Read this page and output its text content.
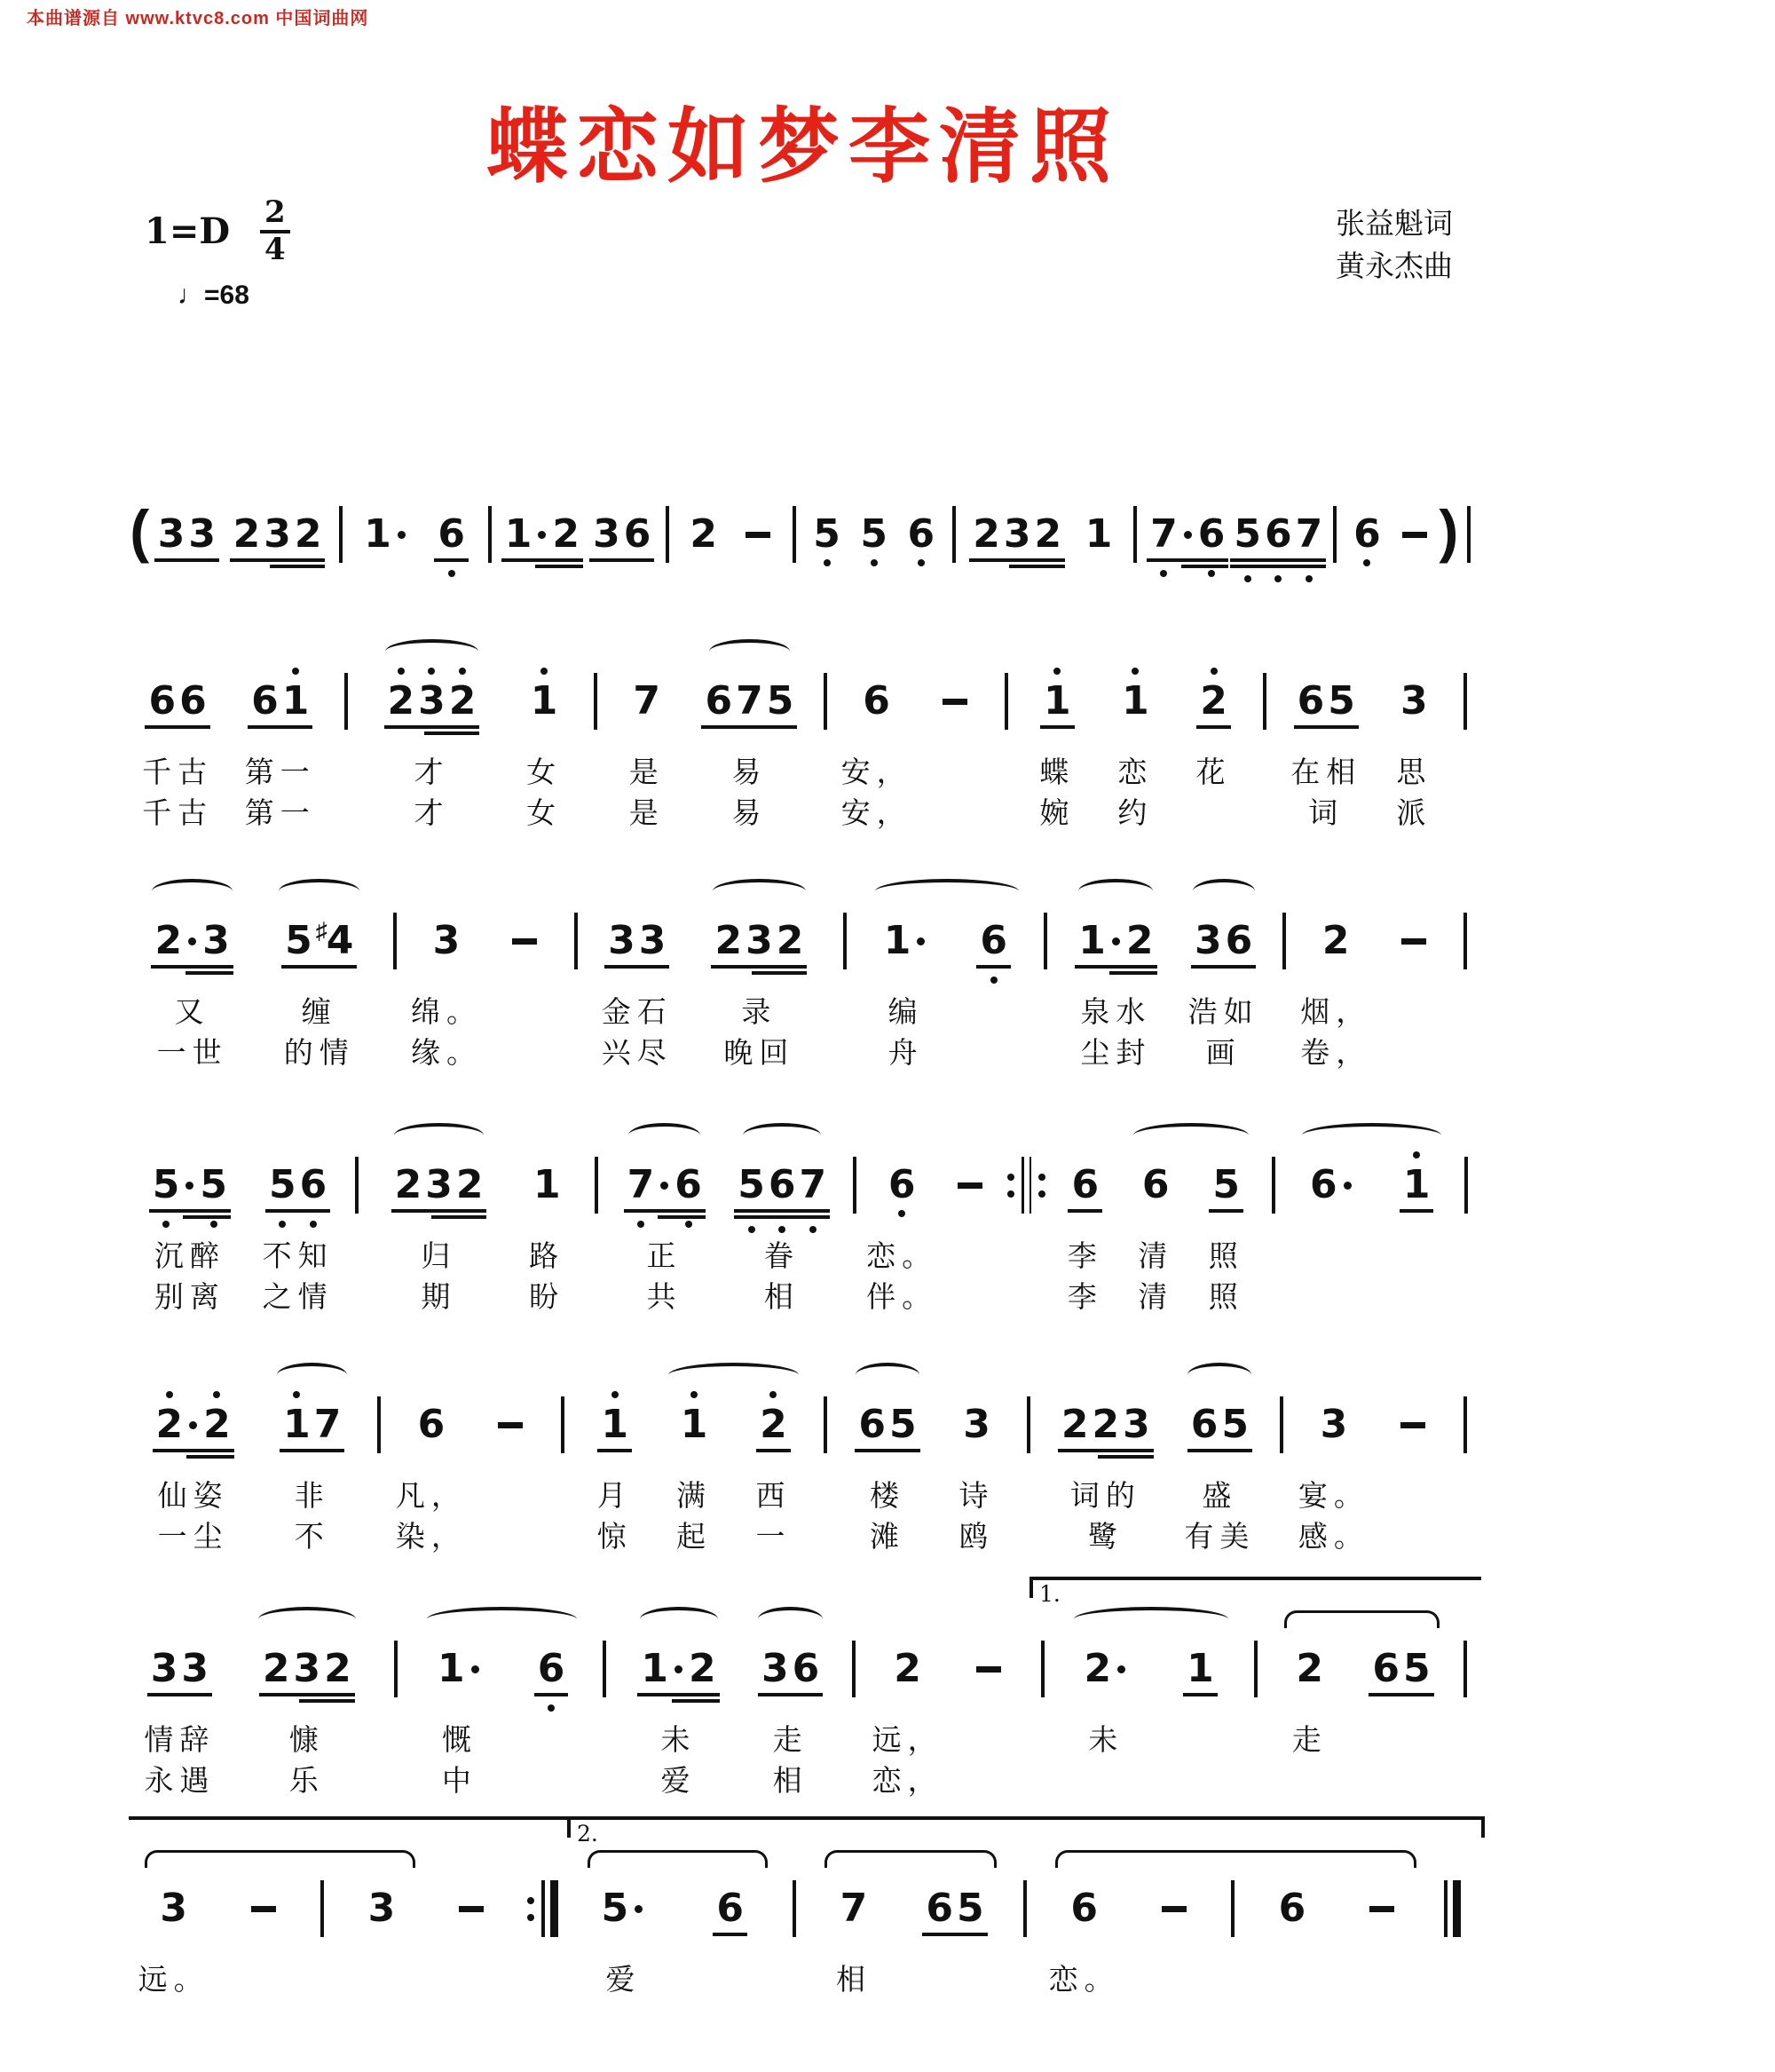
本曲谱源自 www.ktvc8.com 中国词曲网
蝶恋如梦李清照
$1=D \frac{2}{4}$	张益魁词
黄永杰曲
♩=68
( 3 3 2 3 2 1 6 1 2 3 6 2 5 5 6 2 3 2 1 7 6 5 6 7 6 )
6 6 6 1 2 3 2 1 7 6 7 5 6	1 1 2 6 5 3
千古	第一	才	女	是	易	安，	蝶	恋	花	在相	思
千古	第一	才	女	是	易	安，	婉	约	词	派
2 3 5 ♯ 4 3	3 3 2 3 2 1 6 1 2 3 6 2
又	缠	绵。	金石	录	编	泉水	浩如	烟，
一世	的情	缘。	兴尽	晚回	舟	尘封	画	卷，
5 5 5 6 2 3 2 1 7 6 5 6 7 6	6 6 5 6 1
沉醉	不知	归	路	正	眷	恋。	李	清	照
别离	之情	期	盼	共	相	伴。	李	清	照
2 2 1 7 6	1 1 2 6 5 3 2 2 3 6 5 3
仙姿	非	凡，	月	满	西	楼	诗	词的	盛	宴。
一尘	不	染，	惊	起	一	滩	鸥	鹭	有美	感。
3 3 2 3 2 1 6 1 2 3 6 2	2 1 2 6 5
1.
情辞	慷	慨	未	走	远，	未	走
永遇	乐	中	爱	相	恋，
3	3	5 6 7 6 5 6	6
2.
远。	爱	相	恋。
